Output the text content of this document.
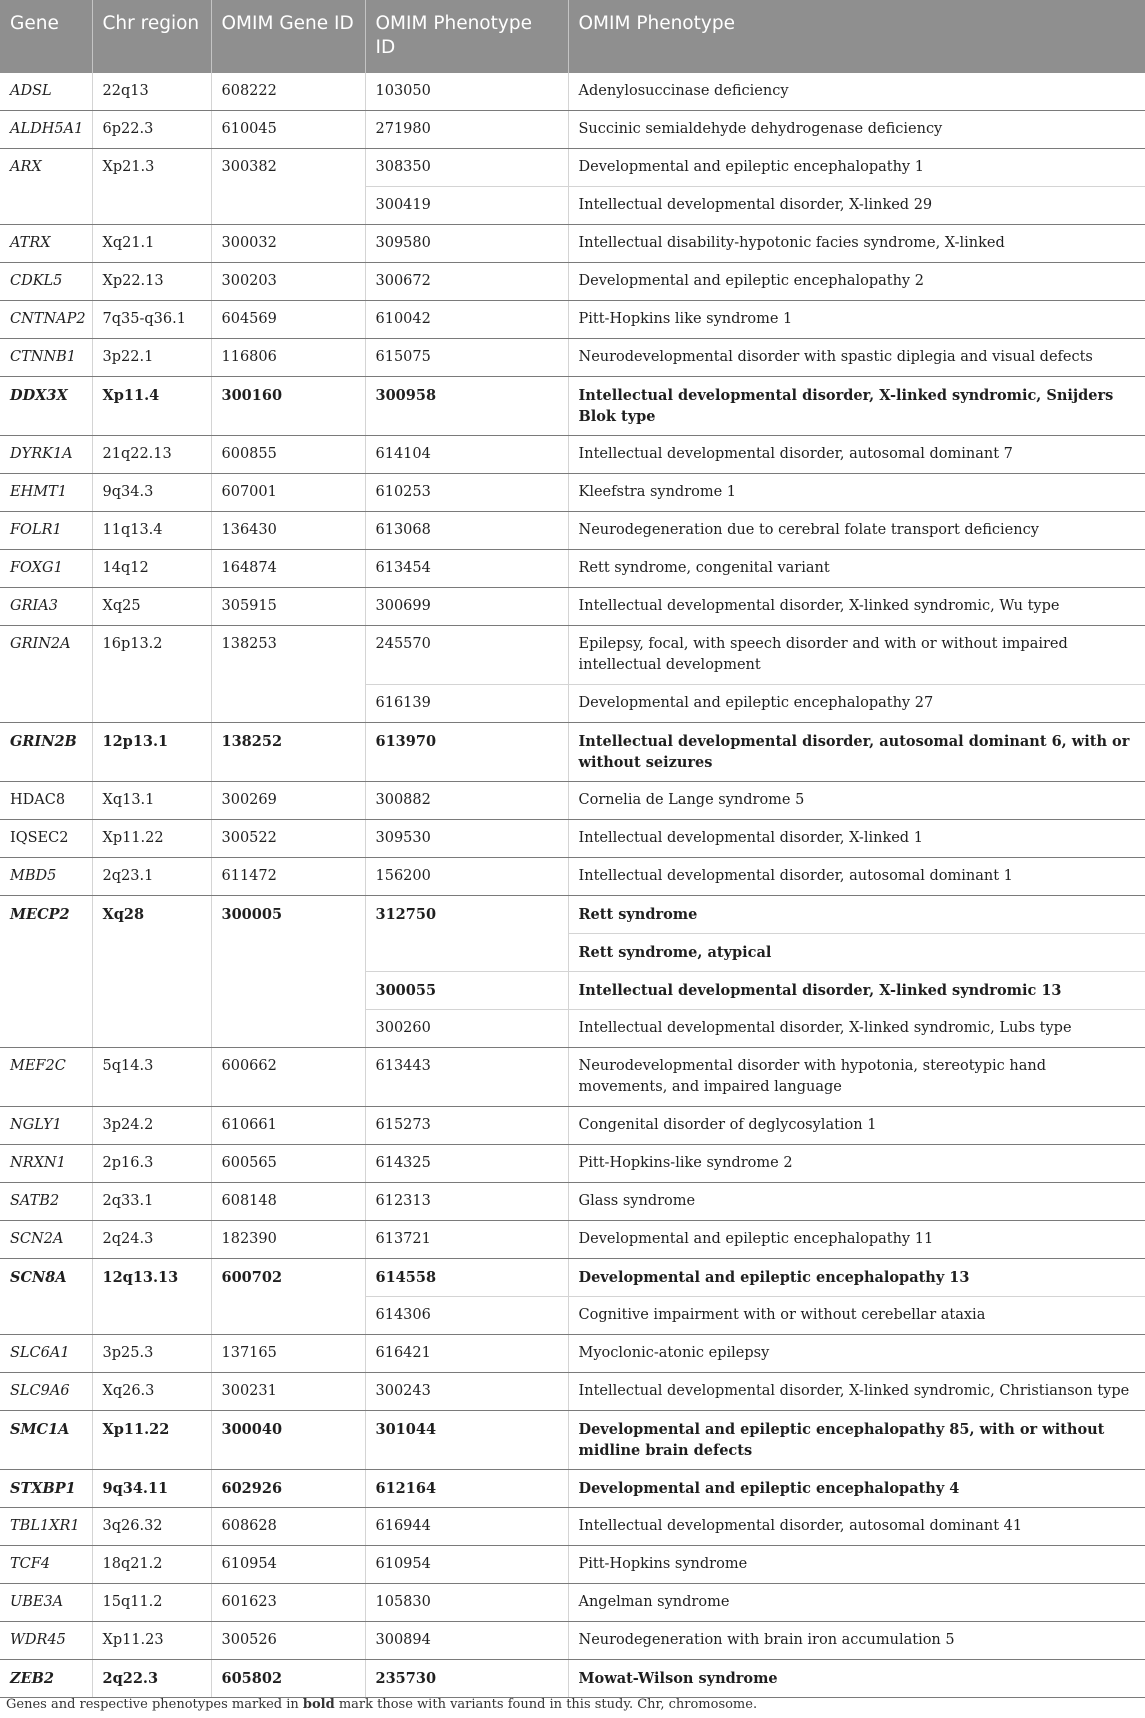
Gene	Chr region	OMIM Gene ID	OMIM Phenotype ID	OMIM Phenotype
ADSL	22q13	608222	103050	Adenylosuccinase deficiency
ALDH5A1	6p22.3	610045	271980	Succinic semialdehyde dehydrogenase deficiency
ARX	Xp21.3	300382	308350	Developmental and epileptic encephalopathy 1
			300419	Intellectual developmental disorder, X-linked 29
ATRX	Xq21.1	300032	309580	Intellectual disability-hypotonic facies syndrome, X-linked
CDKL5	Xp22.13	300203	300672	Developmental and epileptic encephalopathy 2
CNTNAP2	7q35-q36.1	604569	610042	Pitt-Hopkins like syndrome 1
CTNNB1	3p22.1	116806	615075	Neurodevelopmental disorder with spastic diplegia and visual defects
DDX3X	Xp11.4	300160	300958	Intellectual developmental disorder, X-linked syndromic, Snijders Blok type
DYRK1A	21q22.13	600855	614104	Intellectual developmental disorder, autosomal dominant 7
EHMT1	9q34.3	607001	610253	Kleefstra syndrome 1
FOLR1	11q13.4	136430	613068	Neurodegeneration due to cerebral folate transport deficiency
FOXG1	14q12	164874	613454	Rett syndrome, congenital variant
GRIA3	Xq25	305915	300699	Intellectual developmental disorder, X-linked syndromic, Wu type
GRIN2A	16p13.2	138253	245570	Epilepsy, focal, with speech disorder and with or without impaired intellectual development
			616139	Developmental and epileptic encephalopathy 27
GRIN2B	12p13.1	138252	613970	Intellectual developmental disorder, autosomal dominant 6, with or without seizures
HDAC8	Xq13.1	300269	300882	Cornelia de Lange syndrome 5
IQSEC2	Xp11.22	300522	309530	Intellectual developmental disorder, X-linked 1
MBD5	2q23.1	611472	156200	Intellectual developmental disorder, autosomal dominant 1
MECP2	Xq28	300005	312750	Rett syndrome
				Rett syndrome, atypical
			300055	Intellectual developmental disorder, X-linked syndromic 13
			300260	Intellectual developmental disorder, X-linked syndromic, Lubs type
MEF2C	5q14.3	600662	613443	Neurodevelopmental disorder with hypotonia, stereotypic hand movements, and impaired language
NGLY1	3p24.2	610661	615273	Congenital disorder of deglycosylation 1
NRXN1	2p16.3	600565	614325	Pitt-Hopkins-like syndrome 2
SATB2	2q33.1	608148	612313	Glass syndrome
SCN2A	2q24.3	182390	613721	Developmental and epileptic encephalopathy 11
SCN8A	12q13.13	600702	614558	Developmental and epileptic encephalopathy 13
			614306	Cognitive impairment with or without cerebellar ataxia
SLC6A1	3p25.3	137165	616421	Myoclonic-atonic epilepsy
SLC9A6	Xq26.3	300231	300243	Intellectual developmental disorder, X-linked syndromic, Christianson type
SMC1A	Xp11.22	300040	301044	Developmental and epileptic encephalopathy 85, with or without midline brain defects
STXBP1	9q34.11	602926	612164	Developmental and epileptic encephalopathy 4
TBL1XR1	3q26.32	608628	616944	Intellectual developmental disorder, autosomal dominant 41
TCF4	18q21.2	610954	610954	Pitt-Hopkins syndrome
UBE3A	15q11.2	601623	105830	Angelman syndrome
WDR45	Xp11.23	300526	300894	Neurodegeneration with brain iron accumulation 5
ZEB2	2q22.3	605802	235730	Mowat-Wilson syndrome
Genes and respective phenotypes marked in bold mark those with variants found in this study. Chr, chromosome.
